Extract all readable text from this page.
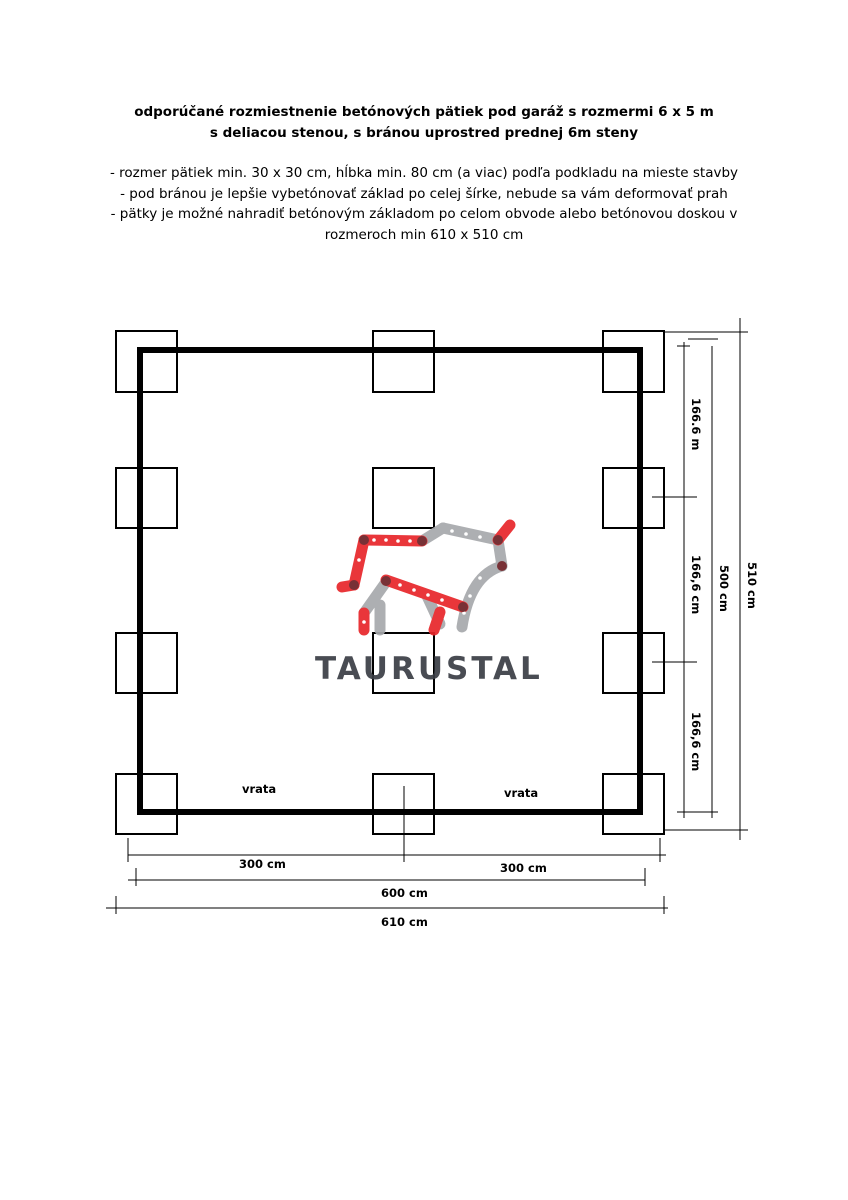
odporúčané rozmiestnenie betónových pätiek pod garáž s rozmermi 6 x 5 m
s deliacou stenou, s bránou uprostred prednej 6m steny
- rozmer pätiek min. 30 x 30 cm, hĺbka min. 80 cm (a viac) podľa podkladu na mieste stavby
- pod bránou je lepšie vybetónovať základ po celej šírke, nebude sa vám deformovať prah
- pätky je možné nahradiť betónovým základom po celom obvode alebo betónovou doskou v
rozmeroch min 610 x 510 cm
vrata	vrata
300 cm	300 cm
600 cm
610 cm
166.6 m
166,6 cm
166,6 cm
500 cm 510 cm
TAURUSTAL
